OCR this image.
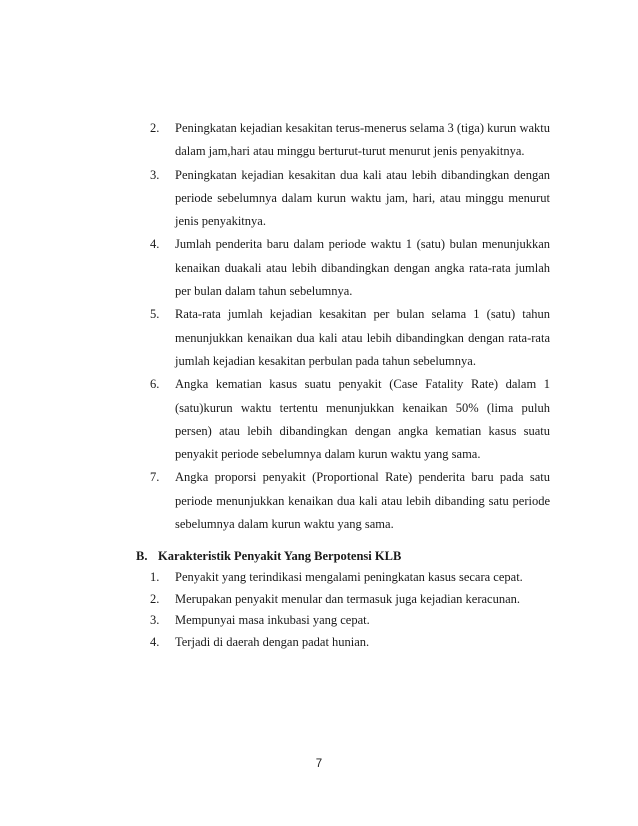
2. Peningkatan kejadian kesakitan terus-menerus selama 3 (tiga) kurun waktu dalam jam,hari atau minggu berturut-turut menurut jenis penyakitnya.
3. Peningkatan kejadian kesakitan dua kali atau lebih dibandingkan dengan periode sebelumnya dalam kurun waktu jam, hari, atau minggu menurut jenis penyakitnya.
4. Jumlah penderita baru dalam periode waktu 1 (satu) bulan menunjukkan kenaikan duakali atau lebih dibandingkan dengan angka rata-rata jumlah per bulan dalam tahun sebelumnya.
5. Rata-rata jumlah kejadian kesakitan per bulan selama 1 (satu) tahun menunjukkan kenaikan dua kali atau lebih dibandingkan dengan rata-rata jumlah kejadian kesakitan perbulan pada tahun sebelumnya.
6. Angka kematian kasus suatu penyakit (Case Fatality Rate) dalam 1 (satu)kurun waktu tertentu menunjukkan kenaikan 50% (lima puluh persen) atau lebih dibandingkan dengan angka kematian kasus suatu penyakit periode sebelumnya dalam kurun waktu yang sama.
7. Angka proporsi penyakit (Proportional Rate) penderita baru pada satu periode menunjukkan kenaikan dua kali atau lebih dibanding satu periode sebelumnya dalam kurun waktu yang sama.
B. Karakteristik Penyakit Yang Berpotensi KLB
1. Penyakit yang terindikasi mengalami peningkatan kasus secara cepat.
2. Merupakan penyakit menular dan termasuk juga kejadian keracunan.
3. Mempunyai masa inkubasi yang cepat.
4. Terjadi di daerah dengan padat hunian.
7
